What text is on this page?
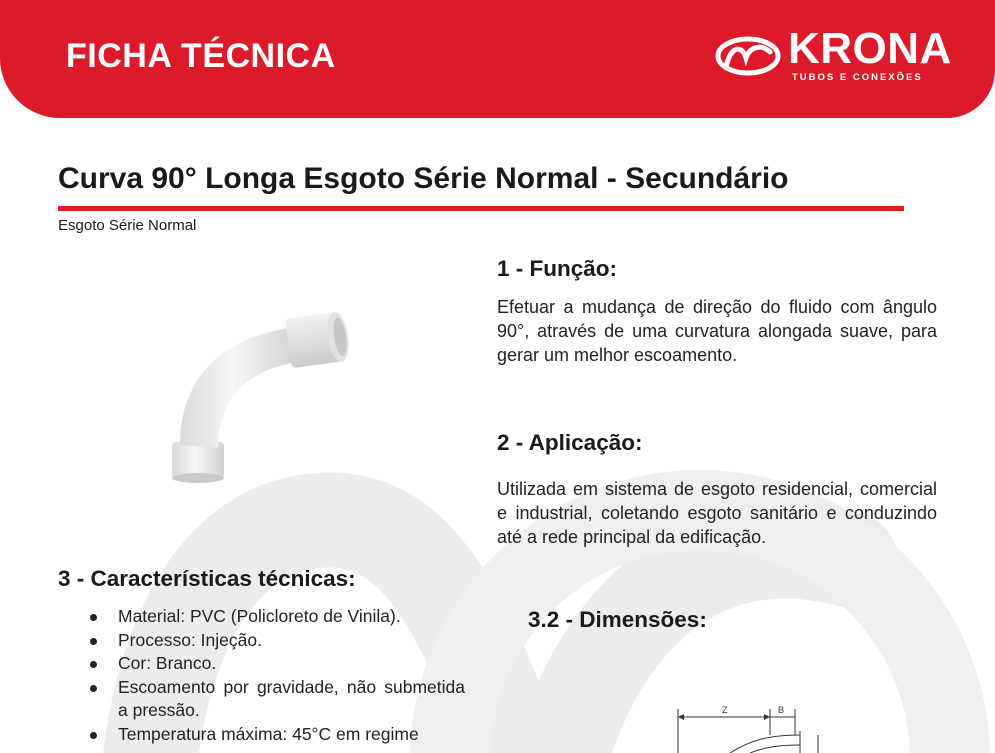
FICHA TÉCNICA	KRONA
TUBOS E CONEXÕES
Curva 90° Longa Esgoto Série Normal - Secundário
Esgoto Série Normal
1 - Função:
Efetuar a mudança de direção do fluido com ângulo 90°, através de uma curvatura alongada suave, para gerar um melhor escoamento.
2 - Aplicação:
Utilizada em sistema de esgoto residencial, comercial e industrial, coletando esgoto sanitário e conduzindo até a rede principal da edificação.
3 - Características técnicas:
Material: PVC (Policloreto de Vinila).
Processo: Injeção.
Cor: Branco.
Escoamento por gravidade, não submetida a pressão.
Temperatura máxima: 45°C em regime
3.2 - Dimensões:
Z	B
